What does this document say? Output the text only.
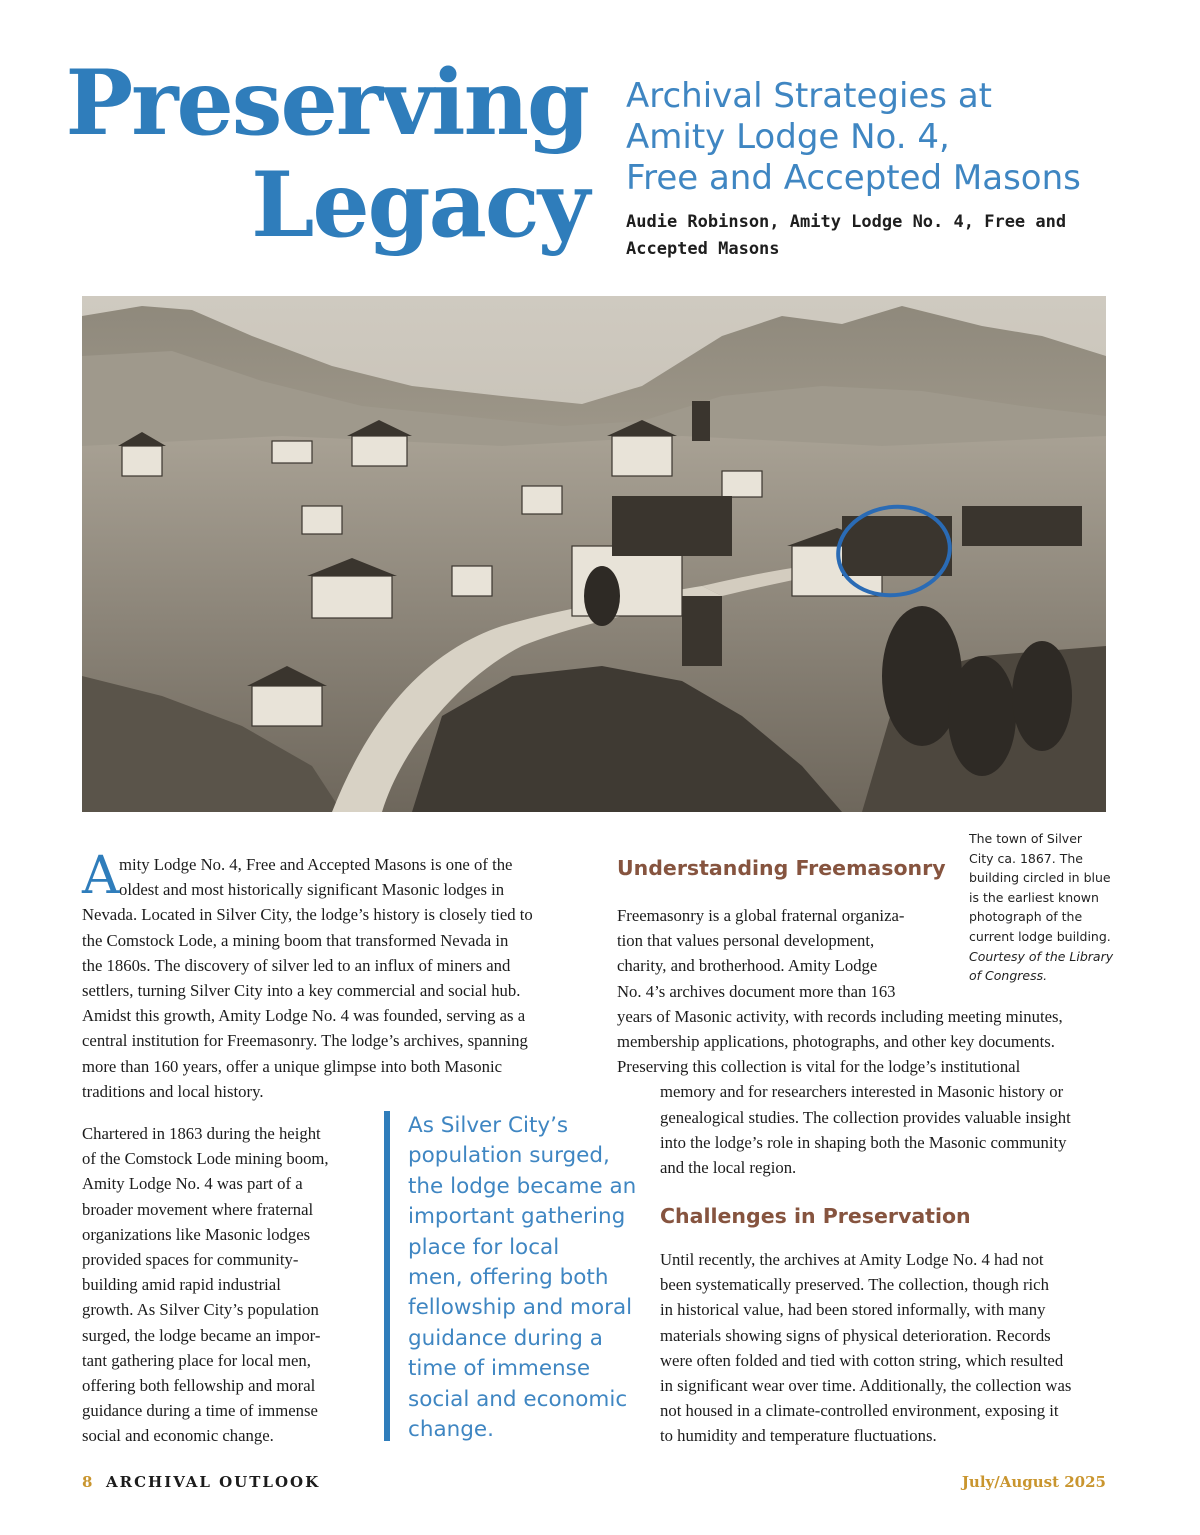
Preserving
Legacy
Archival Strategies at
Amity Lodge No. 4,
Free and Accepted Masons

Audie Robinson, Amity Lodge No. 4, Free and Accepted Masons

The town of Silver
City ca. 1867. The
building circled in blue
is the earliest known
photograph of the
current lodge building.
Courtesy of the Library
of Congress.

A mity Lodge No. 4, Free and Accepted Masons is one of the
oldest and most historically significant Masonic lodges in
Nevada. Located in Silver City, the lodge’s history is closely tied to
the Comstock Lode, a mining boom that transformed Nevada in
the 1860s. The discovery of silver led to an influx of miners and
settlers, turning Silver City into a key commercial and social hub.
Amidst this growth, Amity Lodge No. 4 was founded, serving as a
central institution for Freemasonry. The lodge’s archives, spanning
more than 160 years, offer a unique glimpse into both Masonic
traditions and local history.
Chartered in 1863 during the height
of the Comstock Lode mining boom,
Amity Lodge No. 4 was part of a
broader movement where fraternal
organizations like Masonic lodges
provided spaces for community-
building amid rapid industrial
growth. As Silver City’s population
surged, the lodge became an impor-
tant gathering place for local men,
offering both fellowship and moral
guidance during a time of immense
social and economic change.
As Silver City’s
population surged,
the lodge became an
important gathering
place for local
men, offering both
fellowship and moral
guidance during a
time of immense
social and economic
change.
Understanding Freemasonry
Freemasonry is a global fraternal organiza-
tion that values personal development,
charity, and brotherhood. Amity Lodge
No. 4’s archives document more than 163
years of Masonic activity, with records including meeting minutes,
membership applications, photographs, and other key documents.
Preserving this collection is vital for the lodge’s institutional
memory and for researchers interested in Masonic history or
genealogical studies. The collection provides valuable insight
into the lodge’s role in shaping both the Masonic community
and the local region.
Challenges in Preservation
Until recently, the archives at Amity Lodge No. 4 had not
been systematically preserved. The collection, though rich
in historical value, had been stored informally, with many
materials showing signs of physical deterioration. Records
were often folded and tied with cotton string, which resulted
in significant wear over time. Additionally, the collection was
not housed in a climate-controlled environment, exposing it
to humidity and temperature fluctuations.
8 ARCHIVAL OUTLOOK	July/August 2025
